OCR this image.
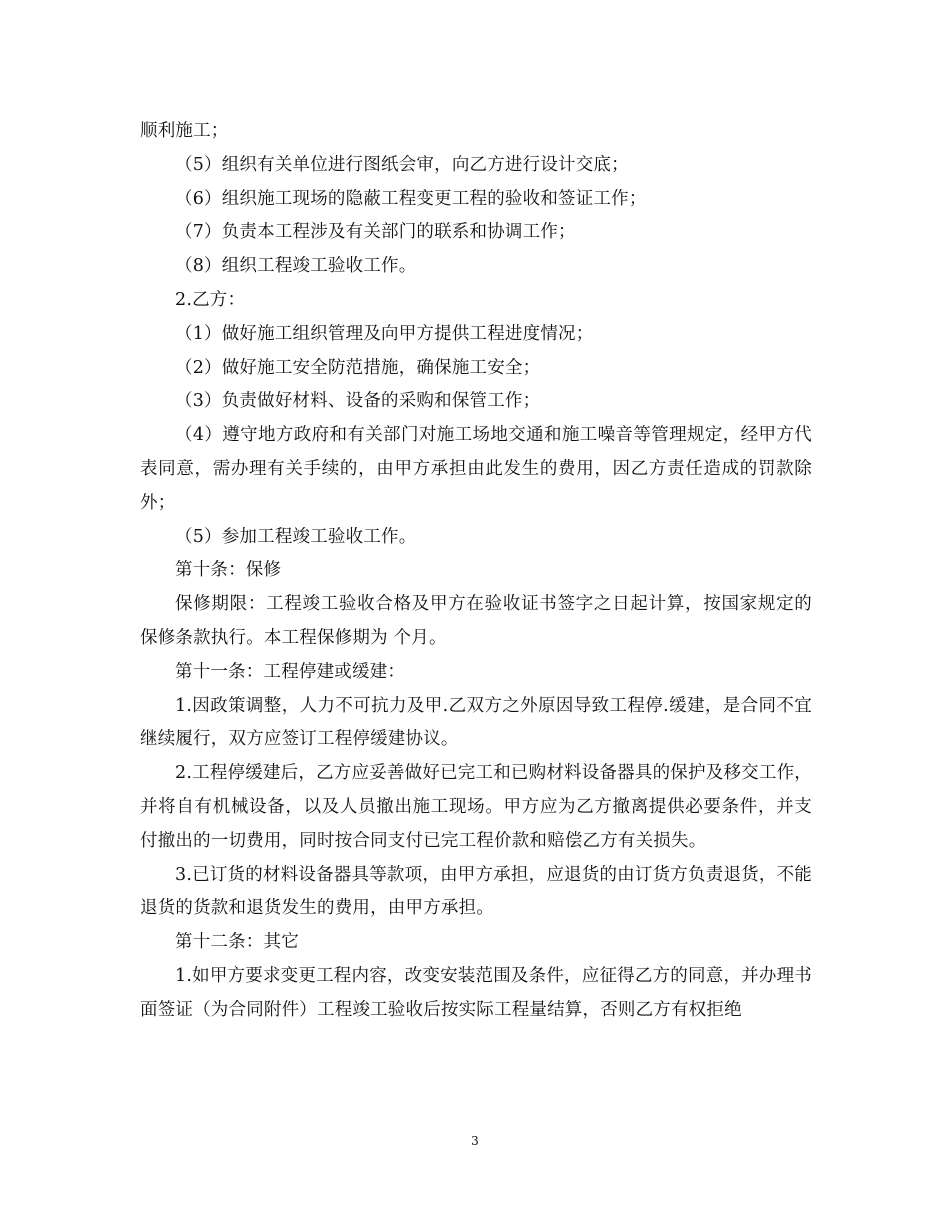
顺利施工；

（5）组织有关单位进行图纸会审，向乙方进行设计交底；

（6）组织施工现场的隐蔽工程变更工程的验收和签证工作；

（7）负责本工程涉及有关部门的联系和协调工作；

（8）组织工程竣工验收工作。

2.乙方：

（1）做好施工组织管理及向甲方提供工程进度情况；

（2）做好施工安全防范措施，确保施工安全；

（3）负责做好材料、设备的采购和保管工作；

（4）遵守地方政府和有关部门对施工场地交通和施工噪音等管理规定，经甲方代表同意，需办理有关手续的，由甲方承担由此发生的费用，因乙方责任造成的罚款除外；

（5）参加工程竣工验收工作。

第十条：保修

保修期限：工程竣工验收合格及甲方在验收证书签字之日起计算，按国家规定的保修条款执行。本工程保修期为 个月。

第十一条：工程停建或缓建：

1.因政策调整，人力不可抗力及甲.乙双方之外原因导致工程停.缓建，是合同不宜继续履行，双方应签订工程停缓建协议。

2.工程停缓建后，乙方应妥善做好已完工和已购材料设备器具的保护及移交工作，并将自有机械设备，以及人员撤出施工现场。甲方应为乙方撤离提供必要条件，并支付撤出的一切费用，同时按合同支付已完工程价款和赔偿乙方有关损失。

3.已订货的材料设备器具等款项，由甲方承担，应退货的由订货方负责退货，不能退货的货款和退货发生的费用，由甲方承担。

第十二条：其它

1.如甲方要求变更工程内容，改变安装范围及条件，应征得乙方的同意，并办理书面签证（为合同附件）工程竣工验收后按实际工程量结算，否则乙方有权拒绝

3
